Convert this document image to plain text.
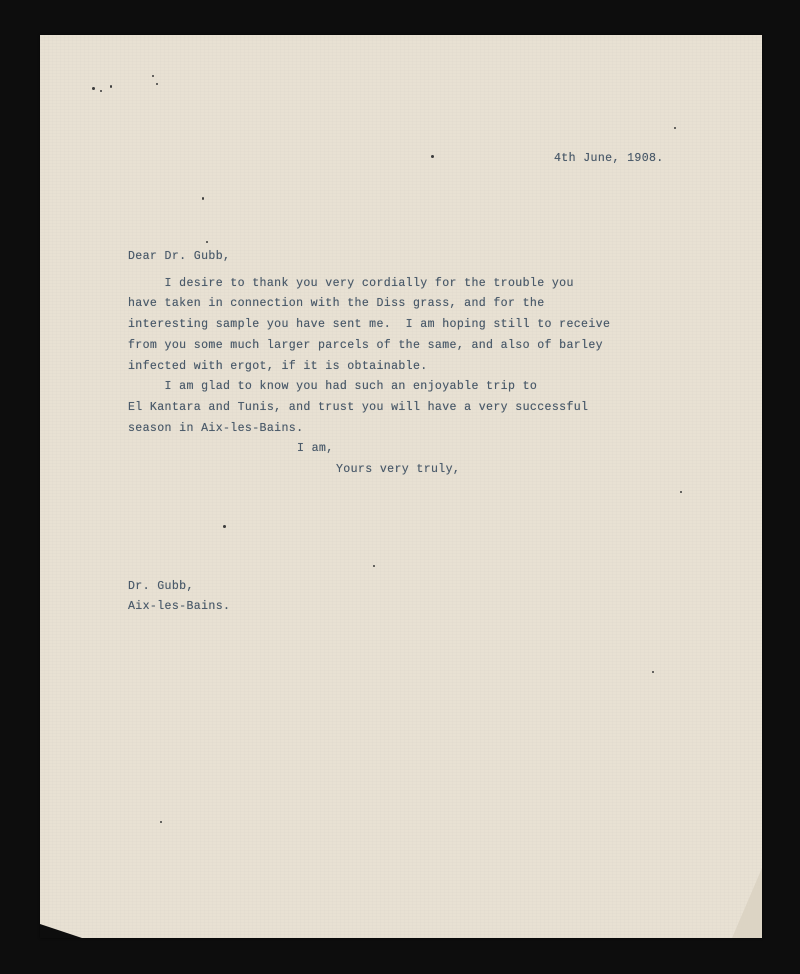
4th June, 1908.
Dear Dr. Gubb,
I desire to thank you very cordially for the trouble you
have taken in connection with the Diss grass, and for the
interesting sample you have sent me.  I am hoping still to receive
from you some much larger parcels of the same, and also of barley
infected with ergot, if it is obtainable.
I am glad to know you had such an enjoyable trip to
El Kantara and Tunis, and trust you will have a very successful
season in Aix-les-Bains.
I am,
Yours very truly,
Dr. Gubb,
Aix-les-Bains.
